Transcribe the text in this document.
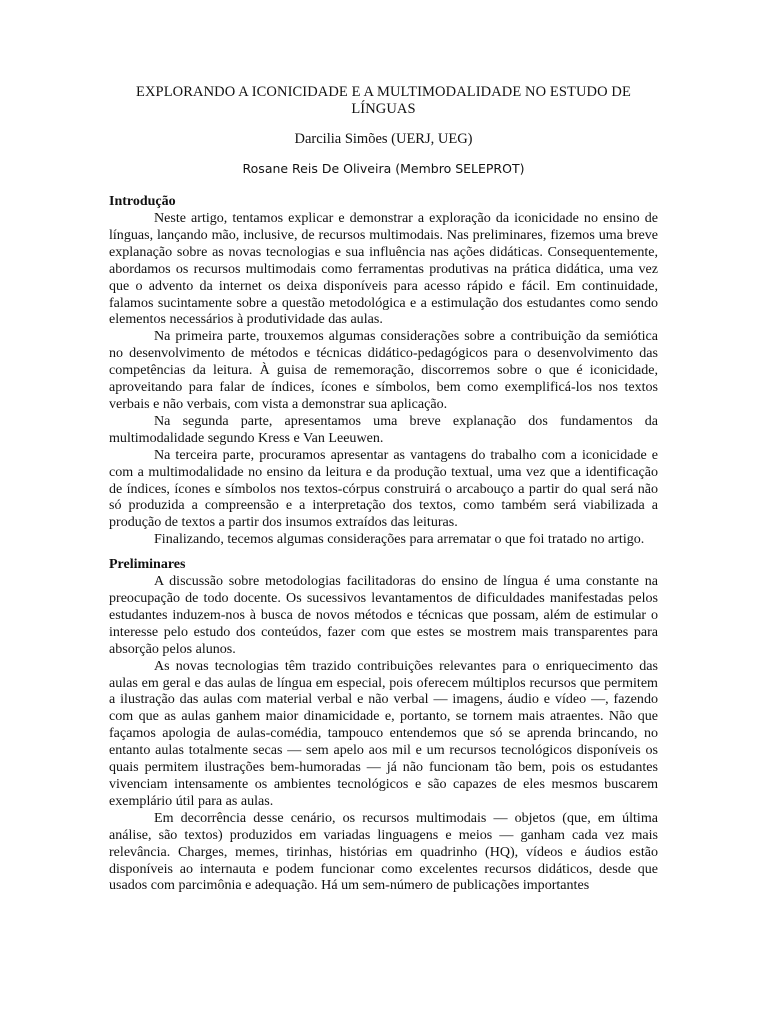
EXPLORANDO A ICONICIDADE E A MULTIMODALIDADE NO ESTUDO DE LÍNGUAS
Darcilia Simões (UERJ, UEG)
Rosane Reis De Oliveira (Membro SELEPROT)
Introdução

Neste artigo, tentamos explicar e demonstrar a exploração da iconicidade no ensino de línguas, lançando mão, inclusive, de recursos multimodais. Nas preliminares, fizemos uma breve explanação sobre as novas tecnologias e sua influência nas ações didáticas. Consequentemente, abordamos os recursos multimodais como ferramentas produtivas na prática didática, uma vez que o advento da internet os deixa disponíveis para acesso rápido e fácil. Em continuidade, falamos sucintamente sobre a questão metodológica e a estimulação dos estudantes como sendo elementos necessários à produtividade das aulas.

Na primeira parte, trouxemos algumas considerações sobre a contribuição da semiótica no desenvolvimento de métodos e técnicas didático-pedagógicos para o desenvolvimento das competências da leitura. À guisa de rememoração, discorremos sobre o que é iconicidade, aproveitando para falar de índices, ícones e símbolos, bem como exemplificá-los nos textos verbais e não verbais, com vista a demonstrar sua aplicação.

Na segunda parte, apresentamos uma breve explanação dos fundamentos da multimodalidade segundo Kress e Van Leeuwen.

Na terceira parte, procuramos apresentar as vantagens do trabalho com a iconicidade e com a multimodalidade no ensino da leitura e da produção textual, uma vez que a identificação de índices, ícones e símbolos nos textos-córpus construirá o arcabouço a partir do qual será não só produzida a compreensão e a interpretação dos textos, como também será viabilizada a produção de textos a partir dos insumos extraídos das leituras.

Finalizando, tecemos algumas considerações para arrematar o que foi tratado no artigo.

Preliminares

A discussão sobre metodologias facilitadoras do ensino de língua é uma constante na preocupação de todo docente. Os sucessivos levantamentos de dificuldades manifestadas pelos estudantes induzem-nos à busca de novos métodos e técnicas que possam, além de estimular o interesse pelo estudo dos conteúdos, fazer com que estes se mostrem mais transparentes para absorção pelos alunos.

As novas tecnologias têm trazido contribuições relevantes para o enriquecimento das aulas em geral e das aulas de língua em especial, pois oferecem múltiplos recursos que permitem a ilustração das aulas com material verbal e não verbal — imagens, áudio e vídeo —, fazendo com que as aulas ganhem maior dinamicidade e, portanto, se tornem mais atraentes. Não que façamos apologia de aulas-comédia, tampouco entendemos que só se aprenda brincando, no entanto aulas totalmente secas — sem apelo aos mil e um recursos tecnológicos disponíveis os quais permitem ilustrações bem-humoradas — já não funcionam tão bem, pois os estudantes vivenciam intensamente os ambientes tecnológicos e são capazes de eles mesmos buscarem exemplário útil para as aulas.

Em decorrência desse cenário, os recursos multimodais — objetos (que, em última análise, são textos) produzidos em variadas linguagens e meios — ganham cada vez mais relevância. Charges, memes, tirinhas, histórias em quadrinho (HQ), vídeos e áudios estão disponíveis ao internauta e podem funcionar como excelentes recursos didáticos, desde que usados com parcimônia e adequação. Há um sem-número de publicações importantes
